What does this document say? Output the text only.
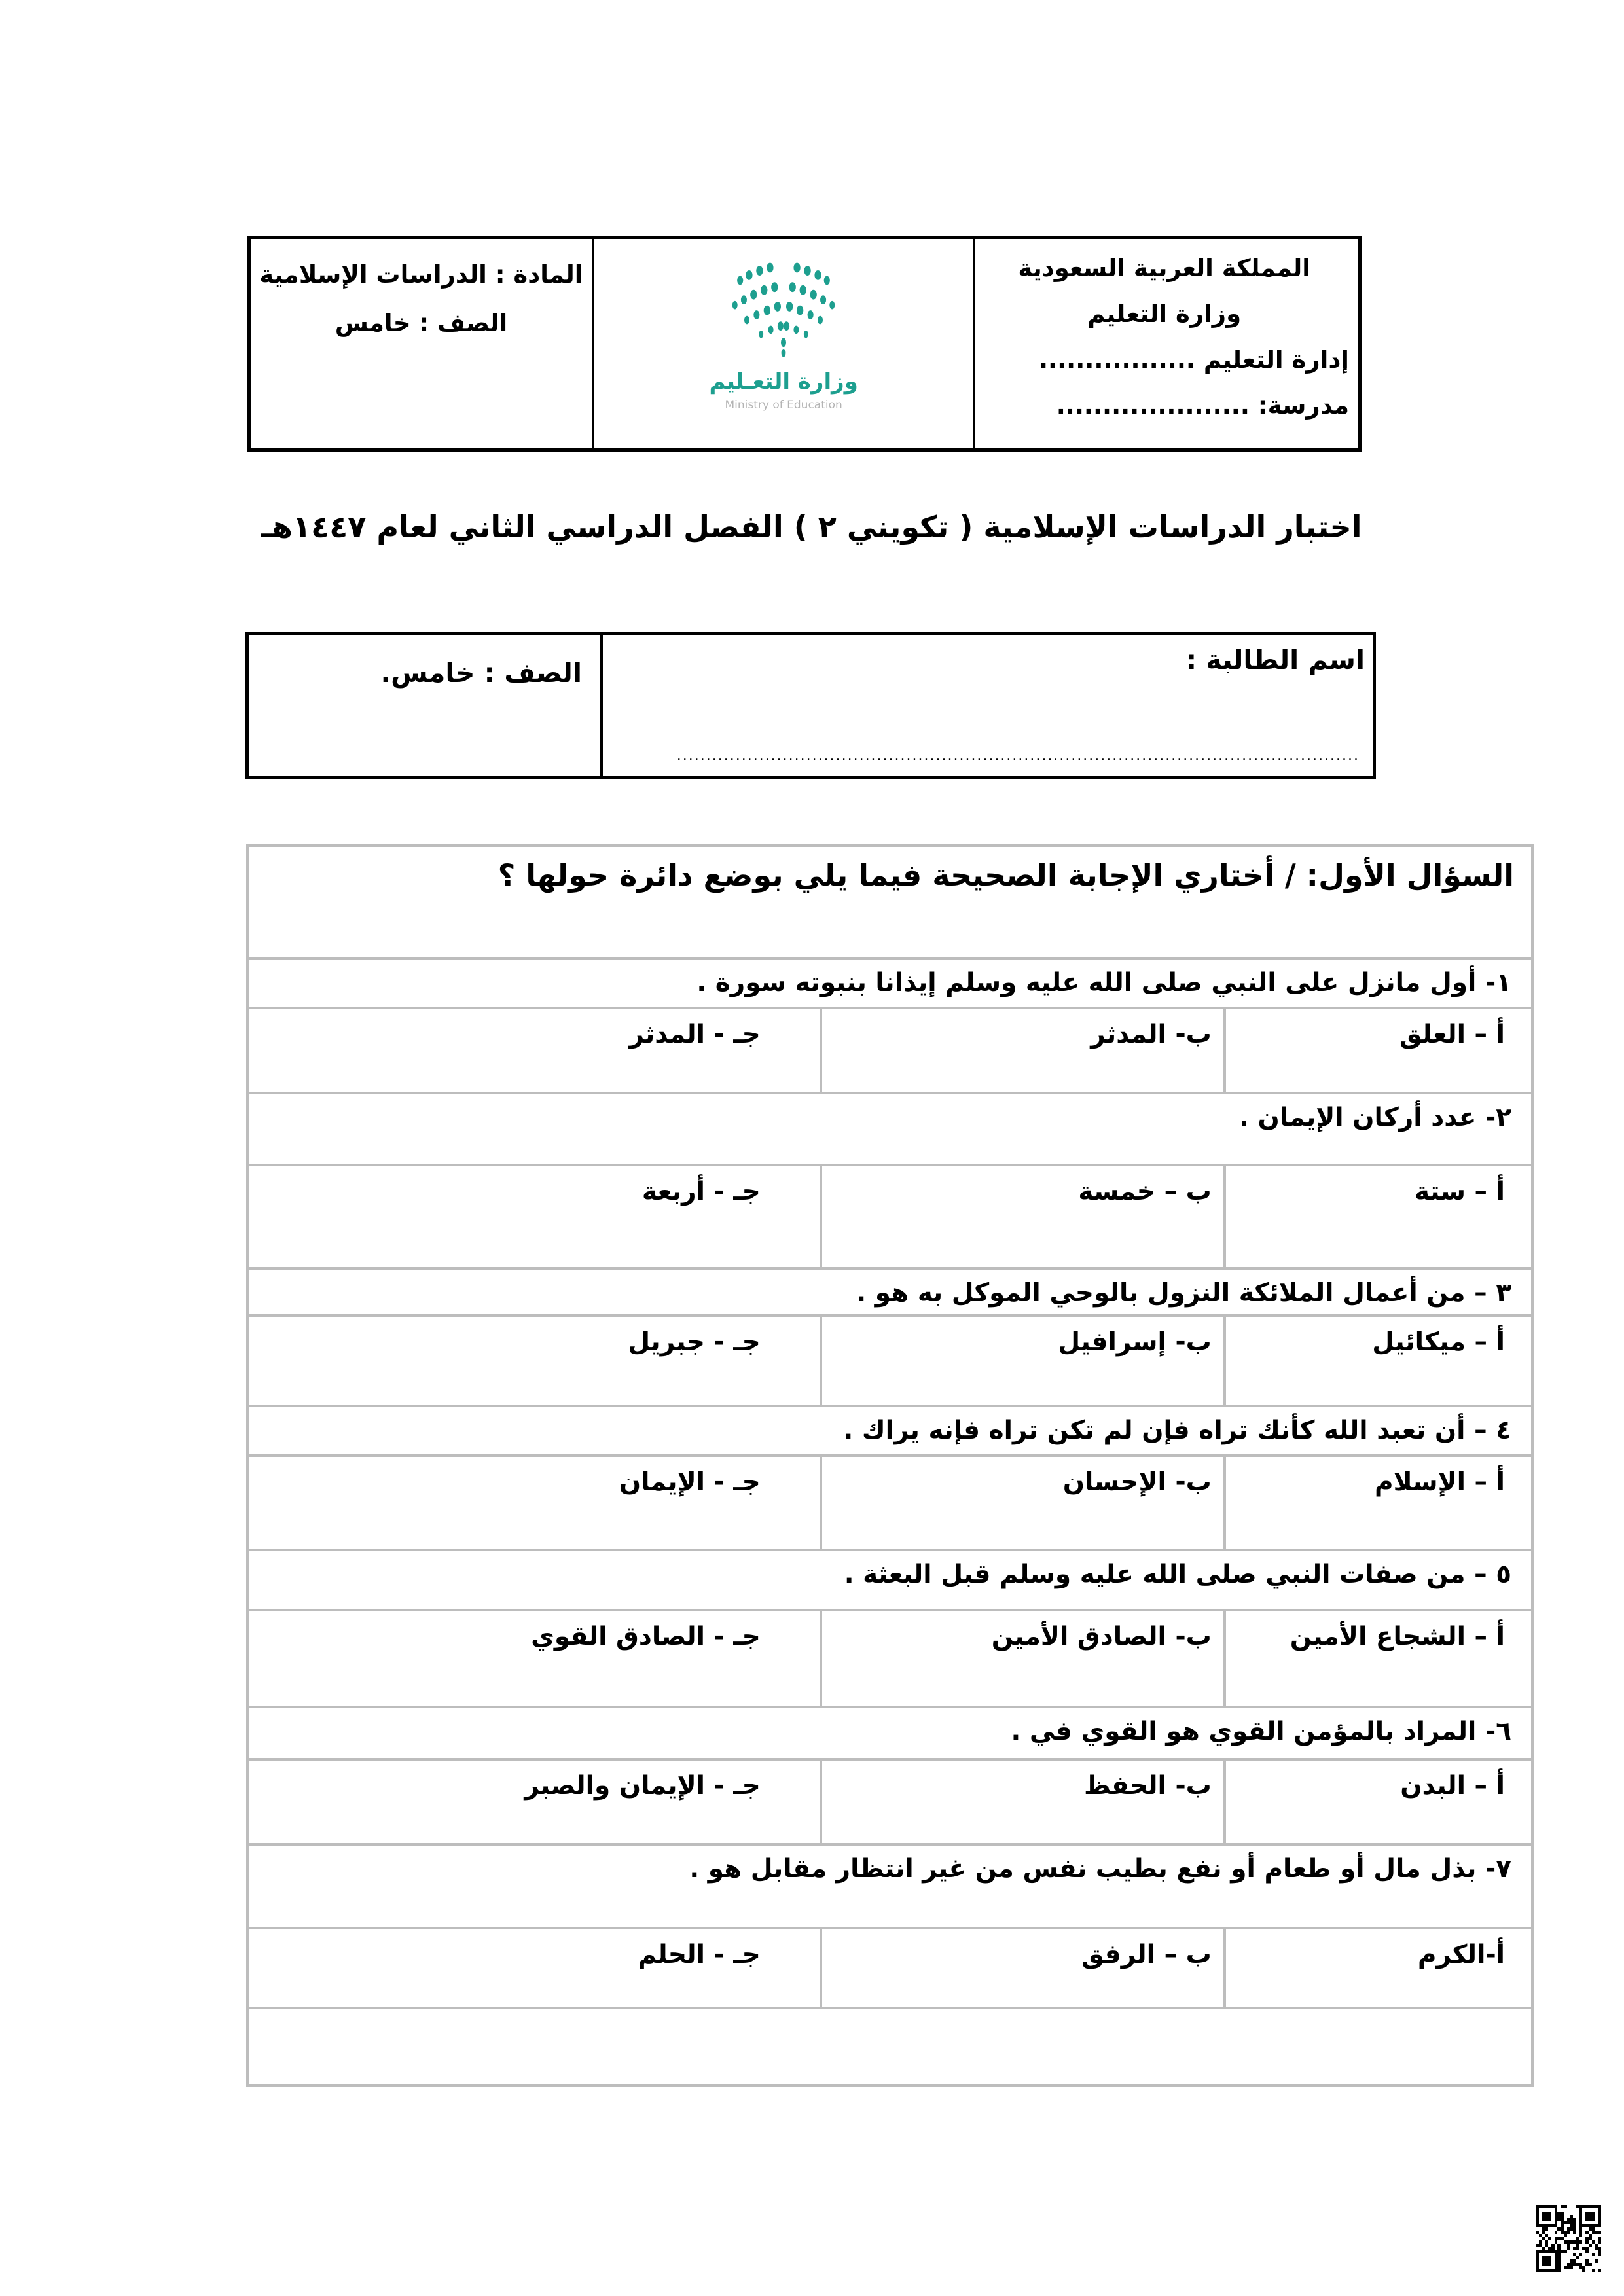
المملكة العربية السعودية
وزارة التعليم
إدارة التعليم .................
مدرسة: .....................
وزارة التعـليم
Ministry of Education
المادة : الدراسات الإسلامية
الصف : خامس
اختبار الدراسات الإسلامية ( تكويني ٢ ) الفصل الدراسي الثاني لعام ١٤٤٧هـ
اسم الطالبة :
....................................................................................................................
الصف : خامس.
السؤال الأول: / أختاري الإجابة الصحيحة فيما يلي بوضع دائرة حولها ؟
١- أول مانزل على النبي صلى الله عليه وسلم إيذانا بنبوته سورة .
أ – العلق
ب- المدثر
جـ - المدثر
٢- عدد أركان الإيمان .
أ – ستة
ب – خمسة
جـ - أربعة
٣ – من أعمال الملائكة النزول بالوحي الموكل به هو .
أ – ميكائيل
ب- إسرافيل
جـ - جبريل
٤ – أن تعبد الله كأنك تراه فإن لم تكن تراه فإنه يراك .
أ – الإسلام
ب- الإحسان
جـ - الإيمان
٥ – من صفات النبي صلى الله عليه وسلم قبل البعثة .
أ – الشجاع الأمين
ب- الصادق الأمين
جـ - الصادق القوي
٦- المراد بالمؤمن القوي هو القوي في .
أ – البدن
ب- الحفظ
جـ - الإيمان والصبر
٧- بذل مال أو طعام أو نفع بطيب نفس من غير انتظار مقابل هو .
أ-الكرم
ب – الرفق
جـ - الحلم
